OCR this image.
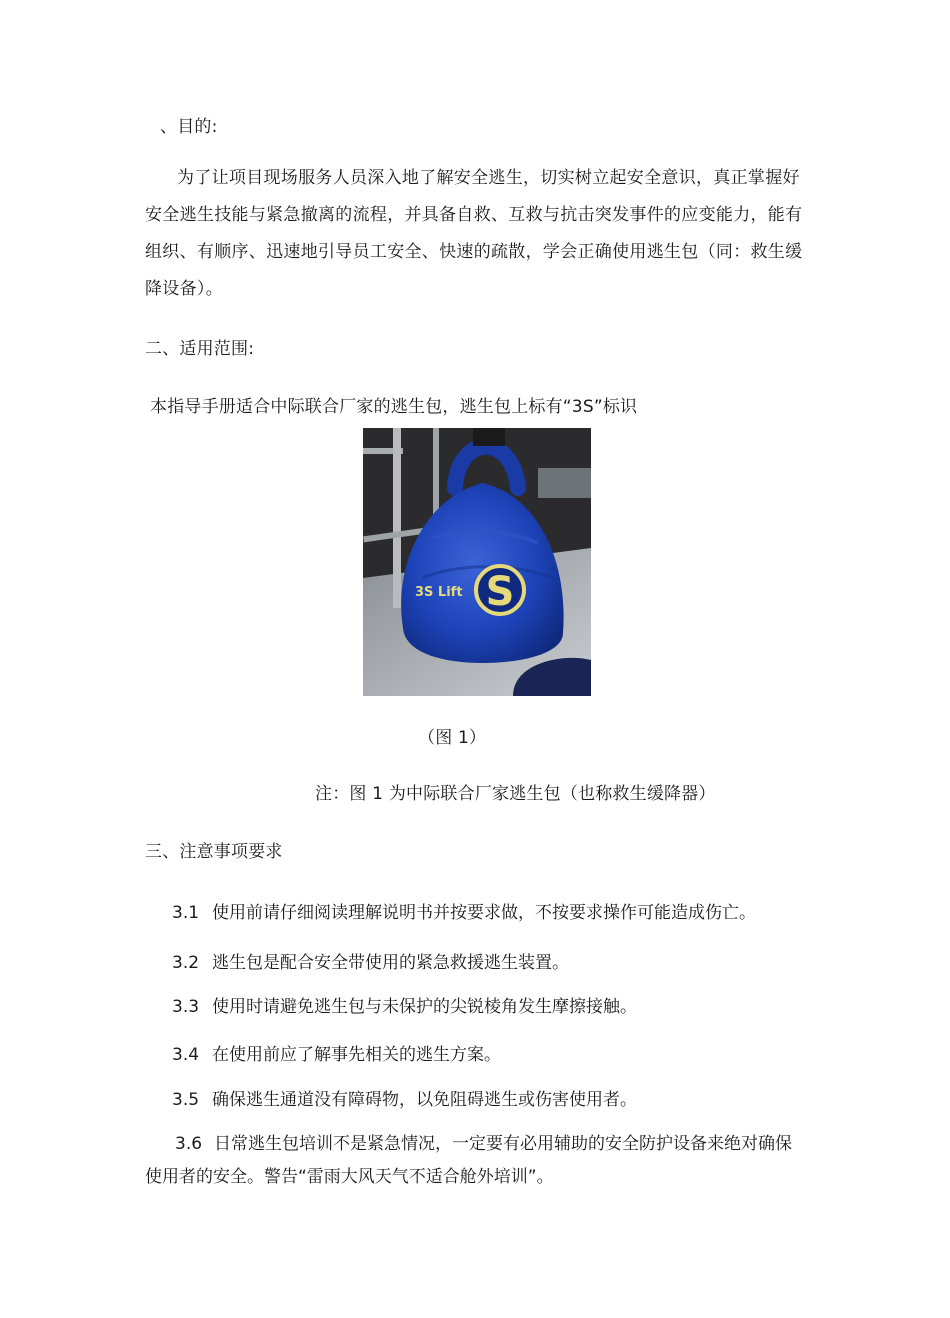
、目的:
为了让项目现场服务人员深入地了解安全逃生，切实树立起安全意识，真正掌握好安全逃生技能与紧急撤离的流程，并具备自救、互救与抗击突发事件的应变能力，能有组织、有顺序、迅速地引导员工安全、快速的疏散，学会正确使用逃生包（同：救生缓降设备）。
二、适用范围:
本指导手册适合中际联合厂家的逃生包，逃生包上标有“3S”标识
3S Lift S
（图 1）
注：图 1 为中际联合厂家逃生包（也称救生缓降器）
三、注意事项要求
3.1 使用前请仔细阅读理解说明书并按要求做，不按要求操作可能造成伤亡。
3.2 逃生包是配合安全带使用的紧急救援逃生装置。
3.3 使用时请避免逃生包与未保护的尖锐棱角发生摩擦接触。
3.4 在使用前应了解事先相关的逃生方案。
3.5 确保逃生通道没有障碍物，以免阻碍逃生或伤害使用者。
3.6 日常逃生包培训不是紧急情况，一定要有必用辅助的安全防护设备来绝对确保使用者的安全。警告“雷雨大风天气不适合舱外培训”。
